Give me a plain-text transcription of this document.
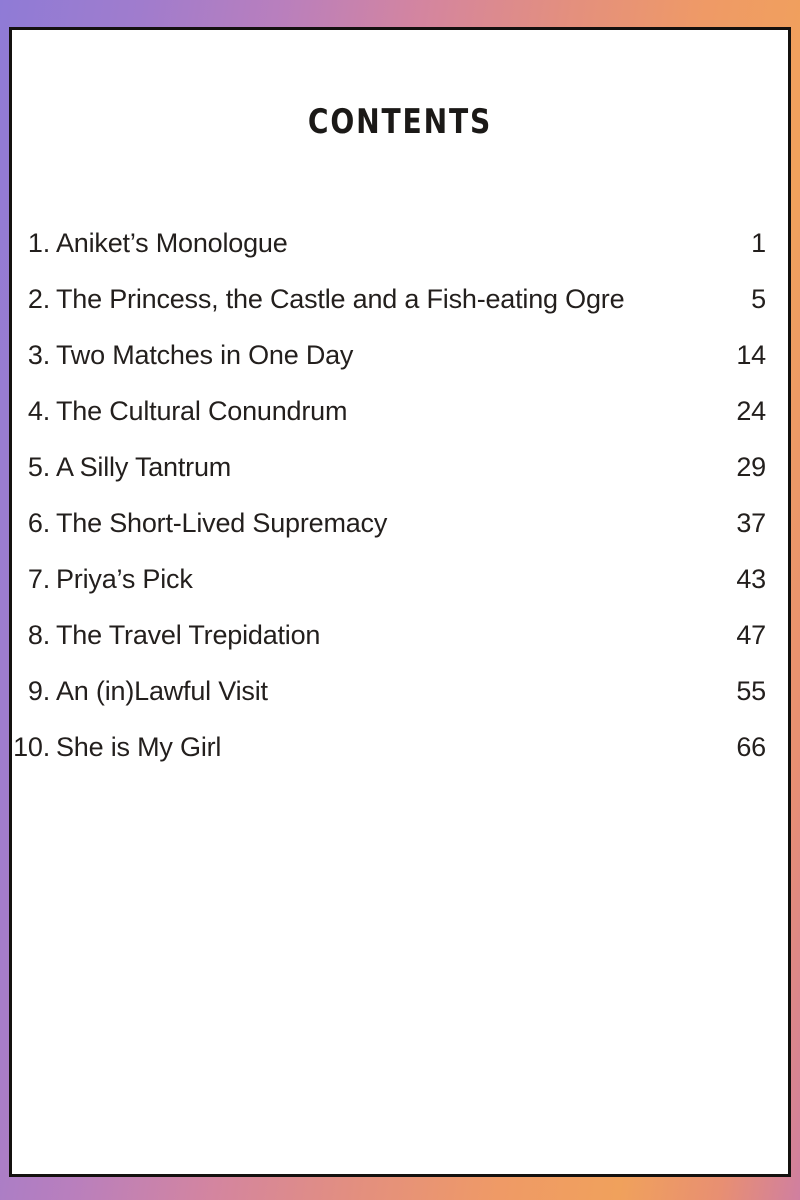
CONTENTS
1. Aniket’s Monologue	1
2. The Princess, the Castle and a Fish-eating Ogre	5
3. Two Matches in One Day	14
4. The Cultural Conundrum	24
5. A Silly Tantrum	29
6. The Short-Lived Supremacy	37
7. Priya’s Pick	43
8. The Travel Trepidation	47
9. An (in)Lawful Visit	55
10. She is My Girl	66
